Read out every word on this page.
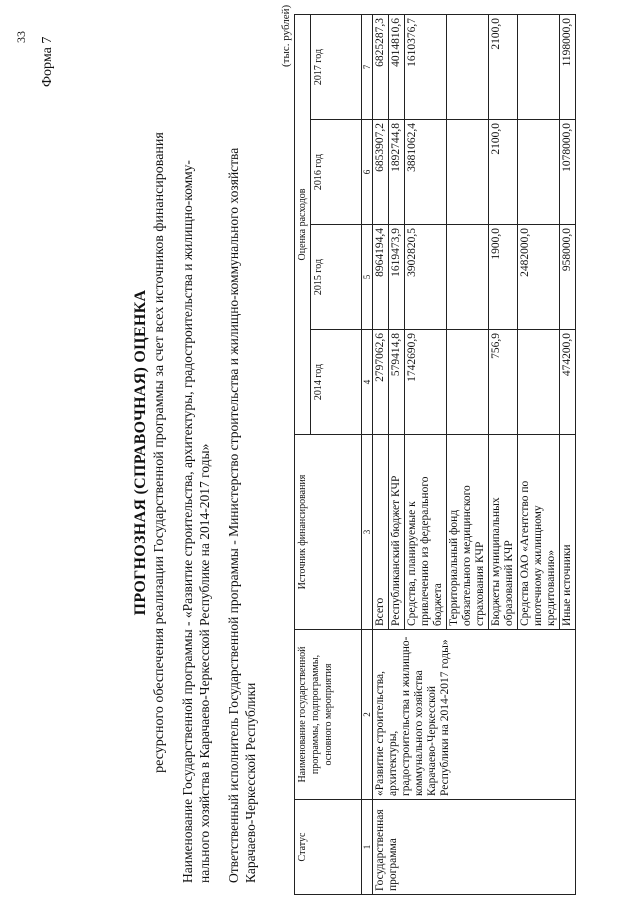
33 Форма 7
ПРОГНОЗНАЯ (СПРАВОЧНАЯ) ОЦЕНКА ресурсного обеспечения реализации Государственной программы за счет всех источников финансирования Наименование Государственной программы - «Развитие строительства, архитектуры, градостроительства и жилищно-комму- нального хозяйства в Карачаево-Черкесской Республике на 2014-2017 годы» Ответственный исполнитель Государственной программы - Министерство строительства и жилищно-коммунального хозяйства Карачаево-Черкесской Республики
(тыс. рублей)
Статус	Наименование государственной программы, подпрограммы, основного мероприятия	Источник финансирования	Оценка расходов			
			2014 год	2015 год	2016 год	2017 год
1	2	3	4	5	6	7
Государственная программа	«Развитие строительства, архитектуры, градостроительства и жилищно-коммунального хозяйства Карачаево-Черкесской Республики на 2014-2017 годы»	Всего	2797062,6	8964194,4	6853907,2	6825287,3
		Республиканский бюджет КЧР	579414,8	1619473,9	1892744,8	4014810,6
		Средства, планируемые к привлечению из федерального бюджета	1742690,9	3902820,5	3881062,4	1610376,7
		Территориальный фонд обязательного медицинского страхования КЧР				
		Бюджеты муниципальных образований КЧР	756,9	1900,0	2100,0	2100,0
		Средства ОАО «Агентство по ипотечному жилищному кредитованию»		2482000,0		
		Иные источники	474200,0	958000,0	1078000,0	1198000,0
